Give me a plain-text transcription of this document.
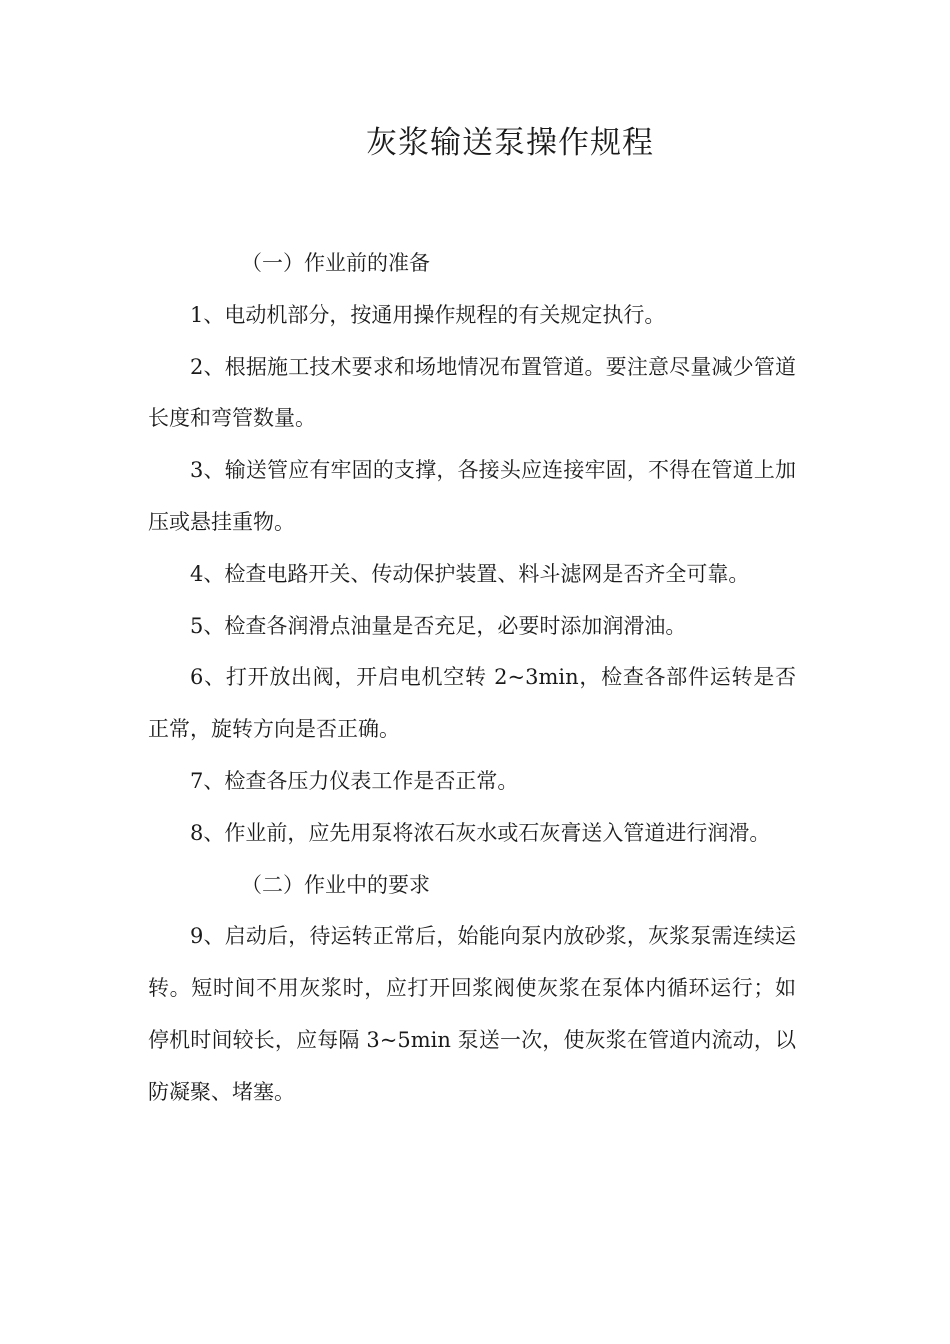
灰浆输送泵操作规程

（一）作业前的准备

1、电动机部分，按通用操作规程的有关规定执行。

2、根据施工技术要求和场地情况布置管道。要注意尽量减少管道长度和弯管数量。

3、输送管应有牢固的支撑，各接头应连接牢固，不得在管道上加压或悬挂重物。

4、检查电路开关、传动保护装置、料斗滤网是否齐全可靠。

5、检查各润滑点油量是否充足，必要时添加润滑油。

6、打开放出阀，开启电机空转 2~3min，检查各部件运转是否正常，旋转方向是否正确。

7、检查各压力仪表工作是否正常。

8、作业前，应先用泵将浓石灰水或石灰膏送入管道进行润滑。

（二）作业中的要求

9、启动后，待运转正常后，始能向泵内放砂浆，灰浆泵需连续运转。短时间不用灰浆时，应打开回浆阀使灰浆在泵体内循环运行；如停机时间较长，应每隔 3~5min 泵送一次，使灰浆在管道内流动，以防凝聚、堵塞。
